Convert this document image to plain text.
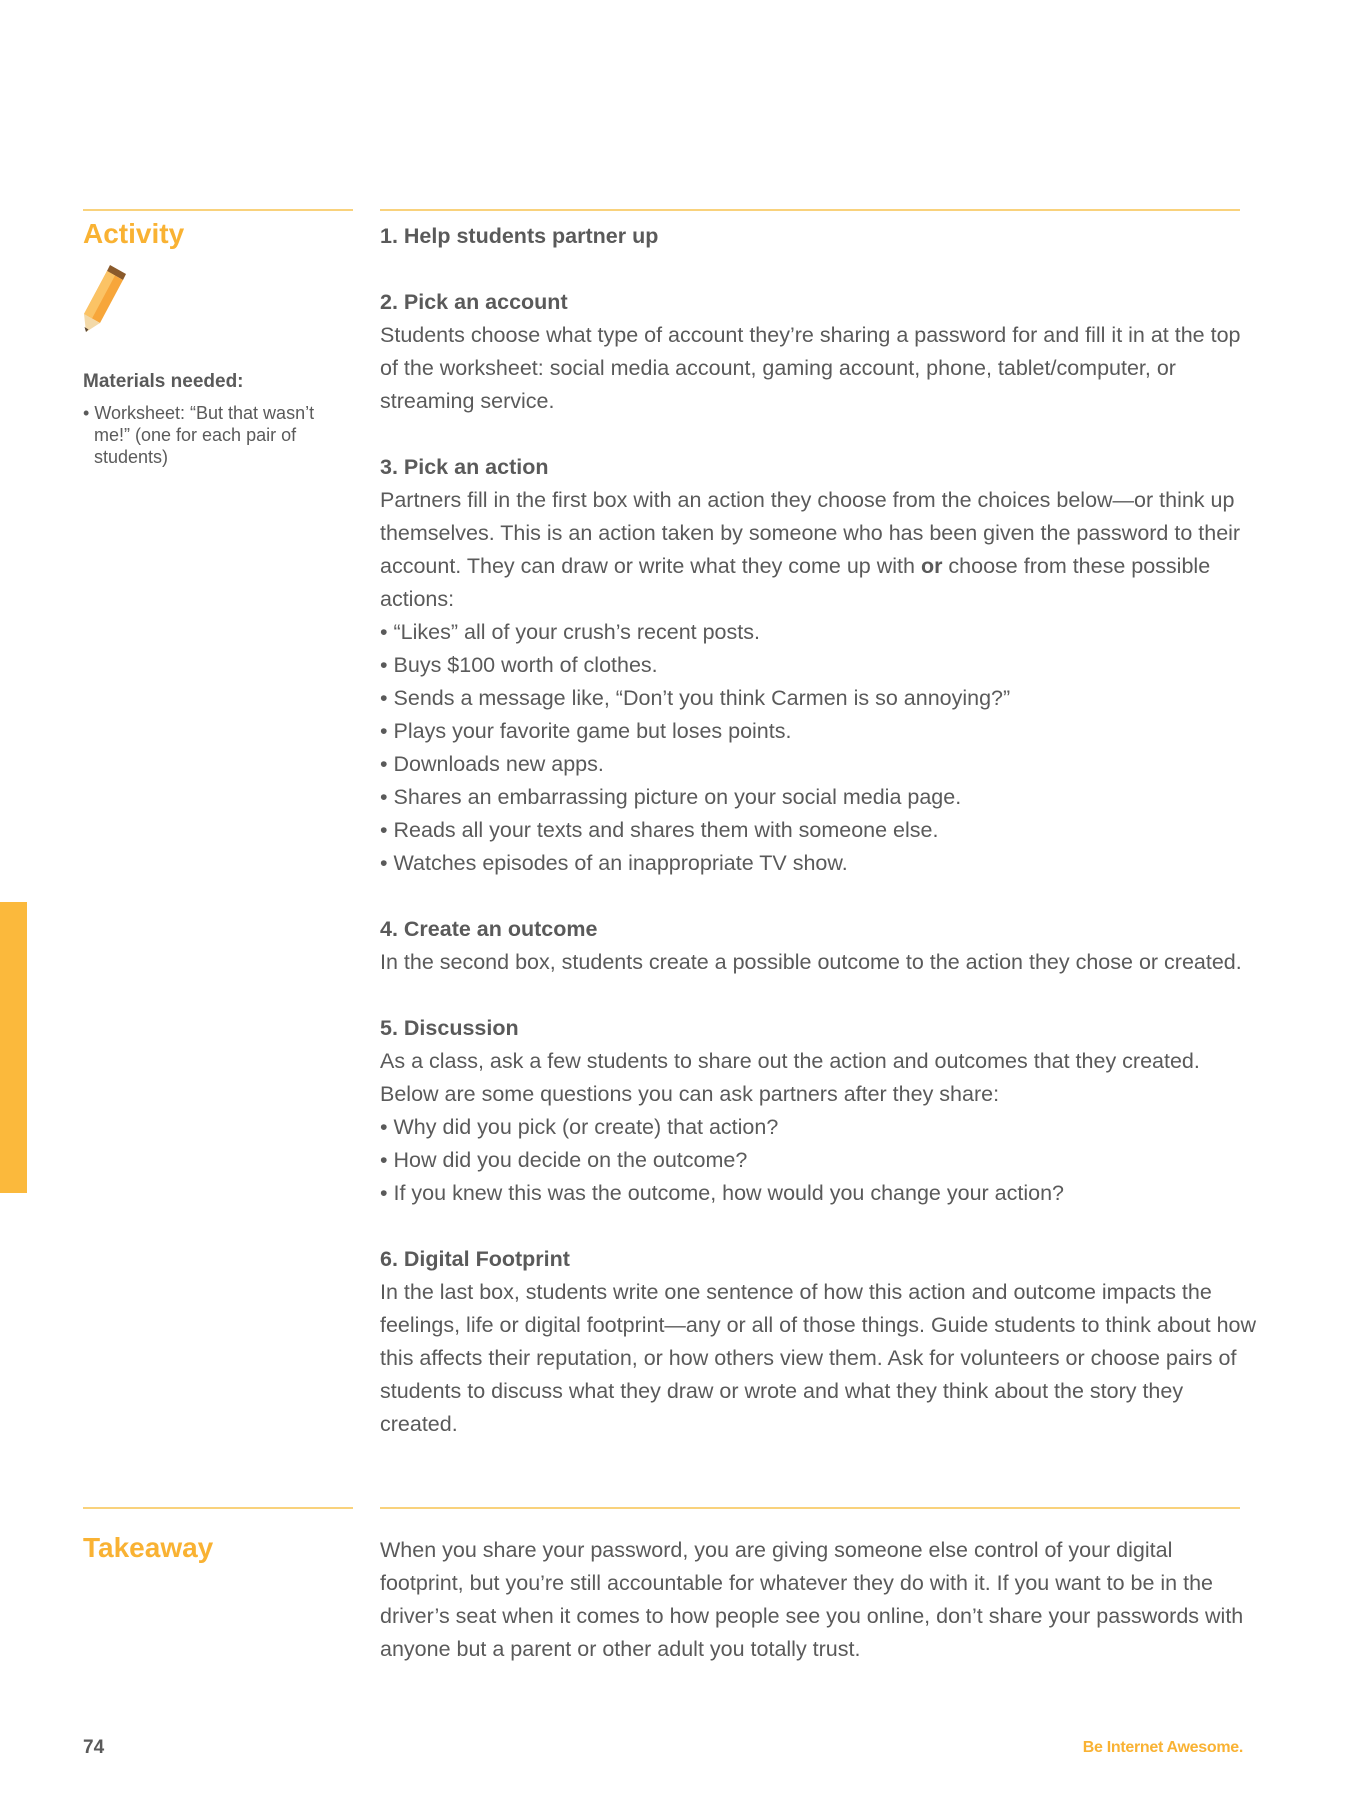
Activity

Materials needed:

• Worksheet: “But that wasn’t me!” (one for each pair of students)

1. Help students partner up

2. Pick an account

Students choose what type of account they’re sharing a password for and fill it in at the top of the worksheet: social media account, gaming account, phone, tablet/computer, or streaming service.

3. Pick an action

Partners fill in the first box with an action they choose from the choices below—or think up themselves. This is an action taken by someone who has been given the password to their account. They can draw or write what they come up with or choose from these possible actions:

• “Likes” all of your crush’s recent posts.
• Buys $100 worth of clothes.
• Sends a message like, “Don’t you think Carmen is so annoying?”
• Plays your favorite game but loses points.
• Downloads new apps.
• Shares an embarrassing picture on your social media page.
• Reads all your texts and shares them with someone else.
• Watches episodes of an inappropriate TV show.

4. Create an outcome

In the second box, students create a possible outcome to the action they chose or created.

5. Discussion

As a class, ask a few students to share out the action and outcomes that they created. Below are some questions you can ask partners after they share:

• Why did you pick (or create) that action?
• How did you decide on the outcome?
• If you knew this was the outcome, how would you change your action?

6. Digital Footprint

In the last box, students write one sentence of how this action and outcome impacts the feelings, life or digital footprint—any or all of those things. Guide students to think about how this affects their reputation, or how others view them. Ask for volunteers or choose pairs of students to discuss what they draw or wrote and what they think about the story they created.

Takeaway	When you share your password, you are giving someone else control of your digital footprint, but you’re still accountable for whatever they do with it. If you want to be in the driver’s seat when it comes to how people see you online, don’t share your passwords with anyone but a parent or other adult you totally trust.

74	Be Internet Awesome.
